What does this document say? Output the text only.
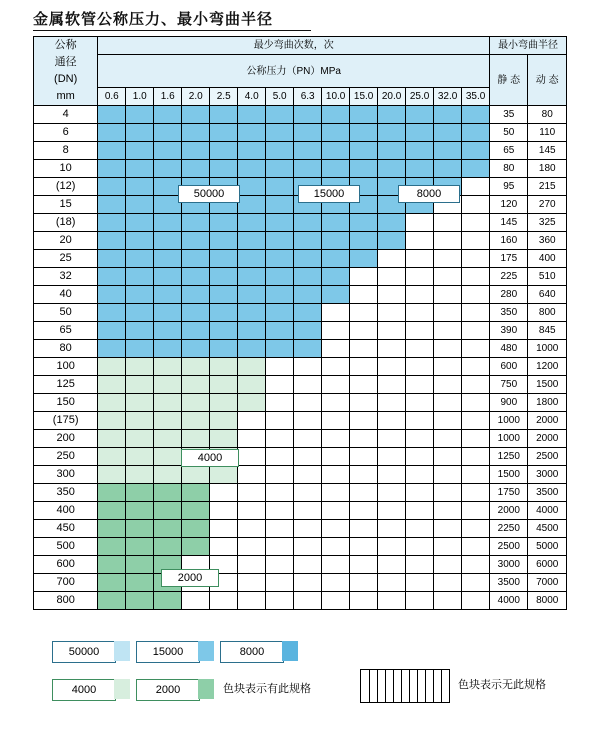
金属软管公称压力、最小弯曲半径
公称
通径
(DN)
mm	最少弯曲次数，次														最小弯曲半径	
	公称压力（PN）MPa														静 态	动 态
	0.6	1.0	1.6	2.0	2.5	4.0	5.0	6.3	10.0	15.0	20.0	25.0	32.0	35.0		
4															35	80
6															50	110
8															65	145
10															80	180
(12)															95	215
15															120	270
(18)															145	325
20															160	360
25															175	400
32															225	510
40															280	640
50															350	800
65															390	845
80															480	1000
100															600	1200
125															750	1500
150															900	1800
(175)															1000	2000
200															1000	2000
250															1250	2500
300															1500	3000
350															1750	3500
400															2000	4000
450															2250	4500
500															2500	5000
600															3000	6000
700															3500	7000
800															4000	8000
50000	15000	8000
4000
2000
50000	15000	8000
4000	2000	色块表示有此规格	色块表示无此规格
